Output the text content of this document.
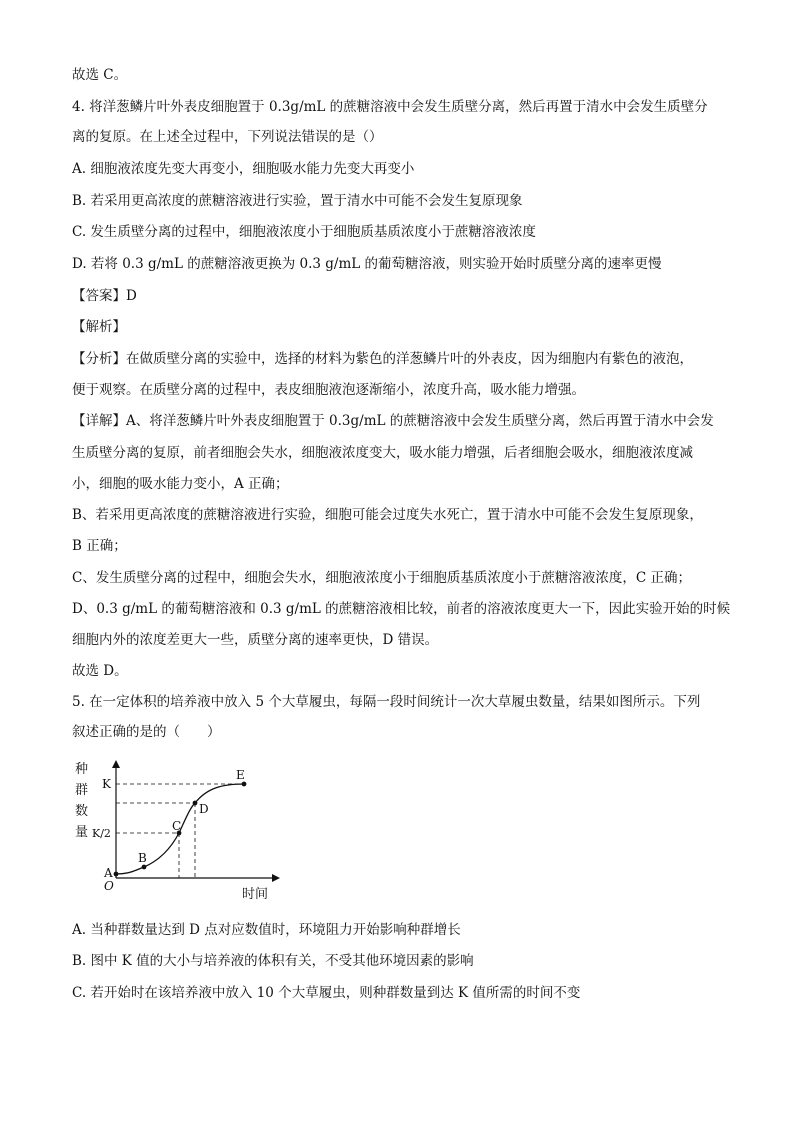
故选 C。
4. 将洋葱鳞片叶外表皮细胞置于 0.3g/mL 的蔗糖溶液中会发生质壁分离，然后再置于清水中会发生质壁分
离的复原。在上述全过程中，下列说法错误的是（）
A. 细胞液浓度先变大再变小，细胞吸水能力先变大再变小
B. 若采用更高浓度的蔗糖溶液进行实验，置于清水中可能不会发生复原现象
C. 发生质壁分离的过程中，细胞液浓度小于细胞质基质浓度小于蔗糖溶液浓度
D. 若将 0.3 g/mL 的蔗糖溶液更换为 0.3 g/mL 的葡萄糖溶液，则实验开始时质壁分离的速率更慢
【答案】D
【解析】
【分析】在做质壁分离的实验中，选择的材料为紫色的洋葱鳞片叶的外表皮，因为细胞内有紫色的液泡，
便于观察。在质壁分离的过程中，表皮细胞液泡逐渐缩小，浓度升高，吸水能力增强。
【详解】A、将洋葱鳞片叶外表皮细胞置于 0.3g/mL 的蔗糖溶液中会发生质壁分离，然后再置于清水中会发
生质壁分离的复原，前者细胞会失水，细胞液浓度变大，吸水能力增强，后者细胞会吸水，细胞液浓度减
小，细胞的吸水能力变小，A 正确；
B、若采用更高浓度的蔗糖溶液进行实验，细胞可能会过度失水死亡，置于清水中可能不会发生复原现象，
B 正确；
C、发生质壁分离的过程中，细胞会失水，细胞液浓度小于细胞质基质浓度小于蔗糖溶液浓度，C 正确；
D、0.3 g/mL 的葡萄糖溶液和 0.3 g/mL 的蔗糖溶液相比较，前者的溶液浓度更大一下，因此实验开始的时候
细胞内外的浓度差更大一些，质壁分离的速率更快，D 错误。
故选 D。
5. 在一定体积的培养液中放入 5 个大草履虫，每隔一段时间统计一次大草履虫数量，结果如图所示。下列
叙述正确的是的（　　）
A
B
C
D
E
K
K/2
O
种
群
数
量
时间
A. 当种群数量达到 D 点对应数值时，环境阻力开始影响种群增长
B. 图中 K 值的大小与培养液的体积有关，不受其他环境因素的影响
C. 若开始时在该培养液中放入 10 个大草履虫，则种群数量到达 K 值所需的时间不变
